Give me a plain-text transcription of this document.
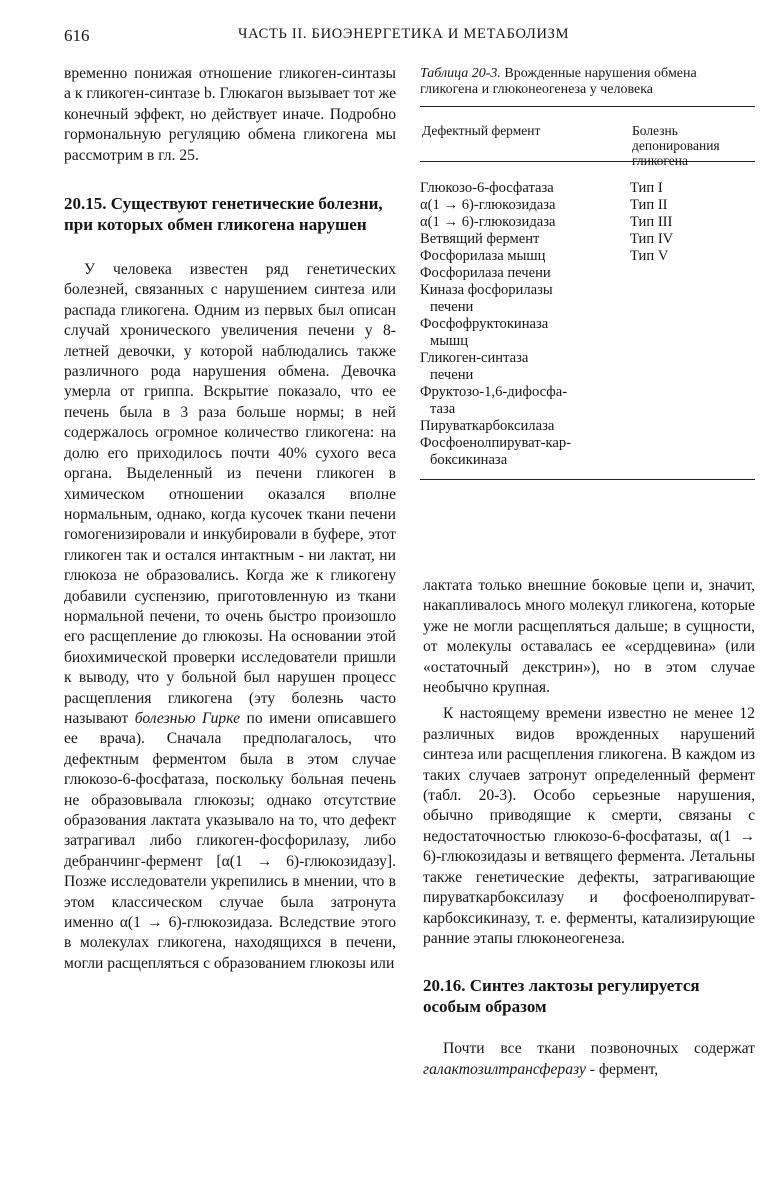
616	ЧАСТЬ II. БИОЭНЕРГЕТИКА И МЕТАБОЛИЗМ

временно понижая отношение гликоген-синтазы a к гликоген-синтазе b. Глюкагон вызывает тот же конечный эффект, но действует иначе. Подробно гормональную регуляцию обмена гликогена мы рассмотрим в гл. 25.

20.15. Существуют генетические болезни, при которых обмен гликогена нарушен

У человека известен ряд генетических болезней, связанных с нарушением синтеза или распада гликогена. Одним из первых был описан случай хронического увеличения печени у 8-летней девочки, у которой наблюдались также различного рода нарушения обмена. Девочка умерла от гриппа. Вскрытие показало, что ее печень была в 3 раза больше нормы; в ней содержалось огромное количество гликогена: на долю его приходилось почти 40% сухого веса органа. Выделенный из печени гликоген в химическом отношении оказался вполне нормальным, однако, когда кусочек ткани печени гомогенизировали и инкубировали в буфере, этот гликоген так и остался интактным - ни лактат, ни глюкоза не образовались. Когда же к гликогену добавили суспензию, приготовленную из ткани нормальной печени, то очень быстро произошло его расщепление до глюкозы. На основании этой биохимической проверки исследователи пришли к выводу, что у больной был нарушен процесс расщепления гликогена (эту болезнь часто называют болезнью Гирке по имени описавшего ее врача). Сначала предполагалось, что дефектным ферментом была в этом случае глюкозо-6-фосфатаза, поскольку больная печень не образовывала глюкозы; однако отсутствие образования лактата указывало на то, что дефект затрагивал либо гликоген-фосфорилазу, либо дебранчинг-фермент [α(1 → 6)-глюкозидазу]. Позже исследователи укрепились в мнении, что в этом классическом случае была затронута именно α(1 → 6)-глюкозидаза. Вследствие этого в молекулах гликогена, находящихся в печени, могли расщепляться с образованием глюкозы или

Таблица 20-3. Врожденные нарушения обмена гликогена и глюконеогенеза у человека
Дефектный фермент	Болезнь депонирования гликогена
Глюкозо-6-фосфатаза	Тип I
α(1 → 6)-глюкозидаза	Тип II
α(1 → 6)-глюкозидаза	Тип III
Ветвящий фермент	Тип IV
Фосфорилаза мышц	Тип V
Фосфорилаза печени
Киназа фосфорилазы
печени
Фосфофруктокиназа
мышц
Гликоген-синтаза
печени
Фруктозо-1,6-дифосфа-
таза
Пируваткарбоксилаза
Фосфоенолпируват-кар-
боксикиназа

лактата только внешние боковые цепи и, значит, накапливалось много молекул гликогена, которые уже не могли расщепляться дальше; в сущности, от молекулы оставалась ее «сердцевина» (или «остаточный декстрин»), но в этом случае необычно крупная.

К настоящему времени известно не менее 12 различных видов врожденных нарушений синтеза или расщепления гликогена. В каждом из таких случаев затронут определенный фермент (табл. 20-3). Особо серьезные нарушения, обычно приводящие к смерти, связаны с недостаточностью глюкозо-6-фосфатазы, α(1 → 6)-глюкозидазы и ветвящего фермента. Летальны также генетические дефекты, затрагивающие пируваткарбоксилазу и фосфоенолпируват-карбоксикиназу, т. е. ферменты, катализирующие ранние этапы глюконеогенеза.

20.16. Синтез лактозы регулируется особым образом

Почти все ткани позвоночных содержат галактозилтрансферазу - фермент,
